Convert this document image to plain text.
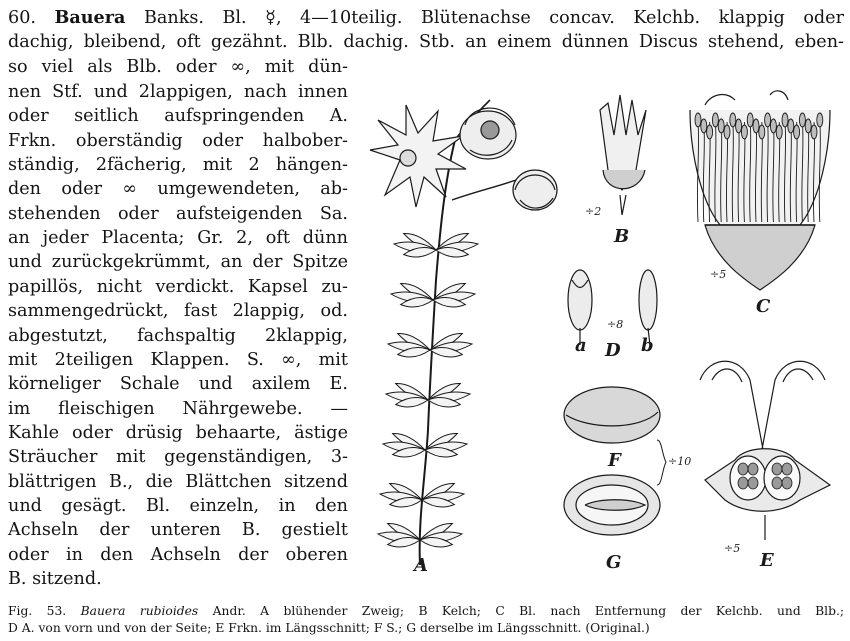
60. Bauera Banks. Bl. ☿, 4—10teilig. Blütenachse concav. Kelchb. klappig oder
dachig, bleibend, oft gezähnt. Blb. dachig. Stb. an einem dünnen Discus stehend, eben-
so viel als Blb. oder ∞, mit dün-
nen Stf. und 2lappigen, nach innen
oder seitlich aufspringenden A.
Frkn. oberständig oder halbober-
ständig, 2fächerig, mit 2 hängen-
den oder ∞ umgewendeten, ab-
stehenden oder aufsteigenden Sa.
an jeder Placenta; Gr. 2, oft dünn
und zurückgekrümmt, an der Spitze
papillös, nicht verdickt. Kapsel zu-
sammengedrückt, fast 2lappig, od.
abgestutzt, fachspaltig 2klappig,
mit 2teiligen Klappen. S. ∞, mit
körneliger Schale und axilem E.
im fleischigen Nährgewebe. —
Kahle oder drüsig behaarte, ästige
Sträucher mit gegenständigen, 3-
blättrigen B., die Blättchen sitzend
und gesägt. Bl. einzeln, in den
Achseln der unteren B. gestielt
oder in den Achseln der oberen
B. sitzend.
A
B
C
D
a	b
E
F
G
÷2
÷5
÷8
÷10
÷5
Fig. 53. Bauera rubioides Andr. A blühender Zweig; B Kelch; C Bl. nach Entfernung der Kelchb. und Blb.;
D A. von vorn und von der Seite; E Frkn. im Längsschnitt; F S.; G derselbe im Längsschnitt. (Original.)
